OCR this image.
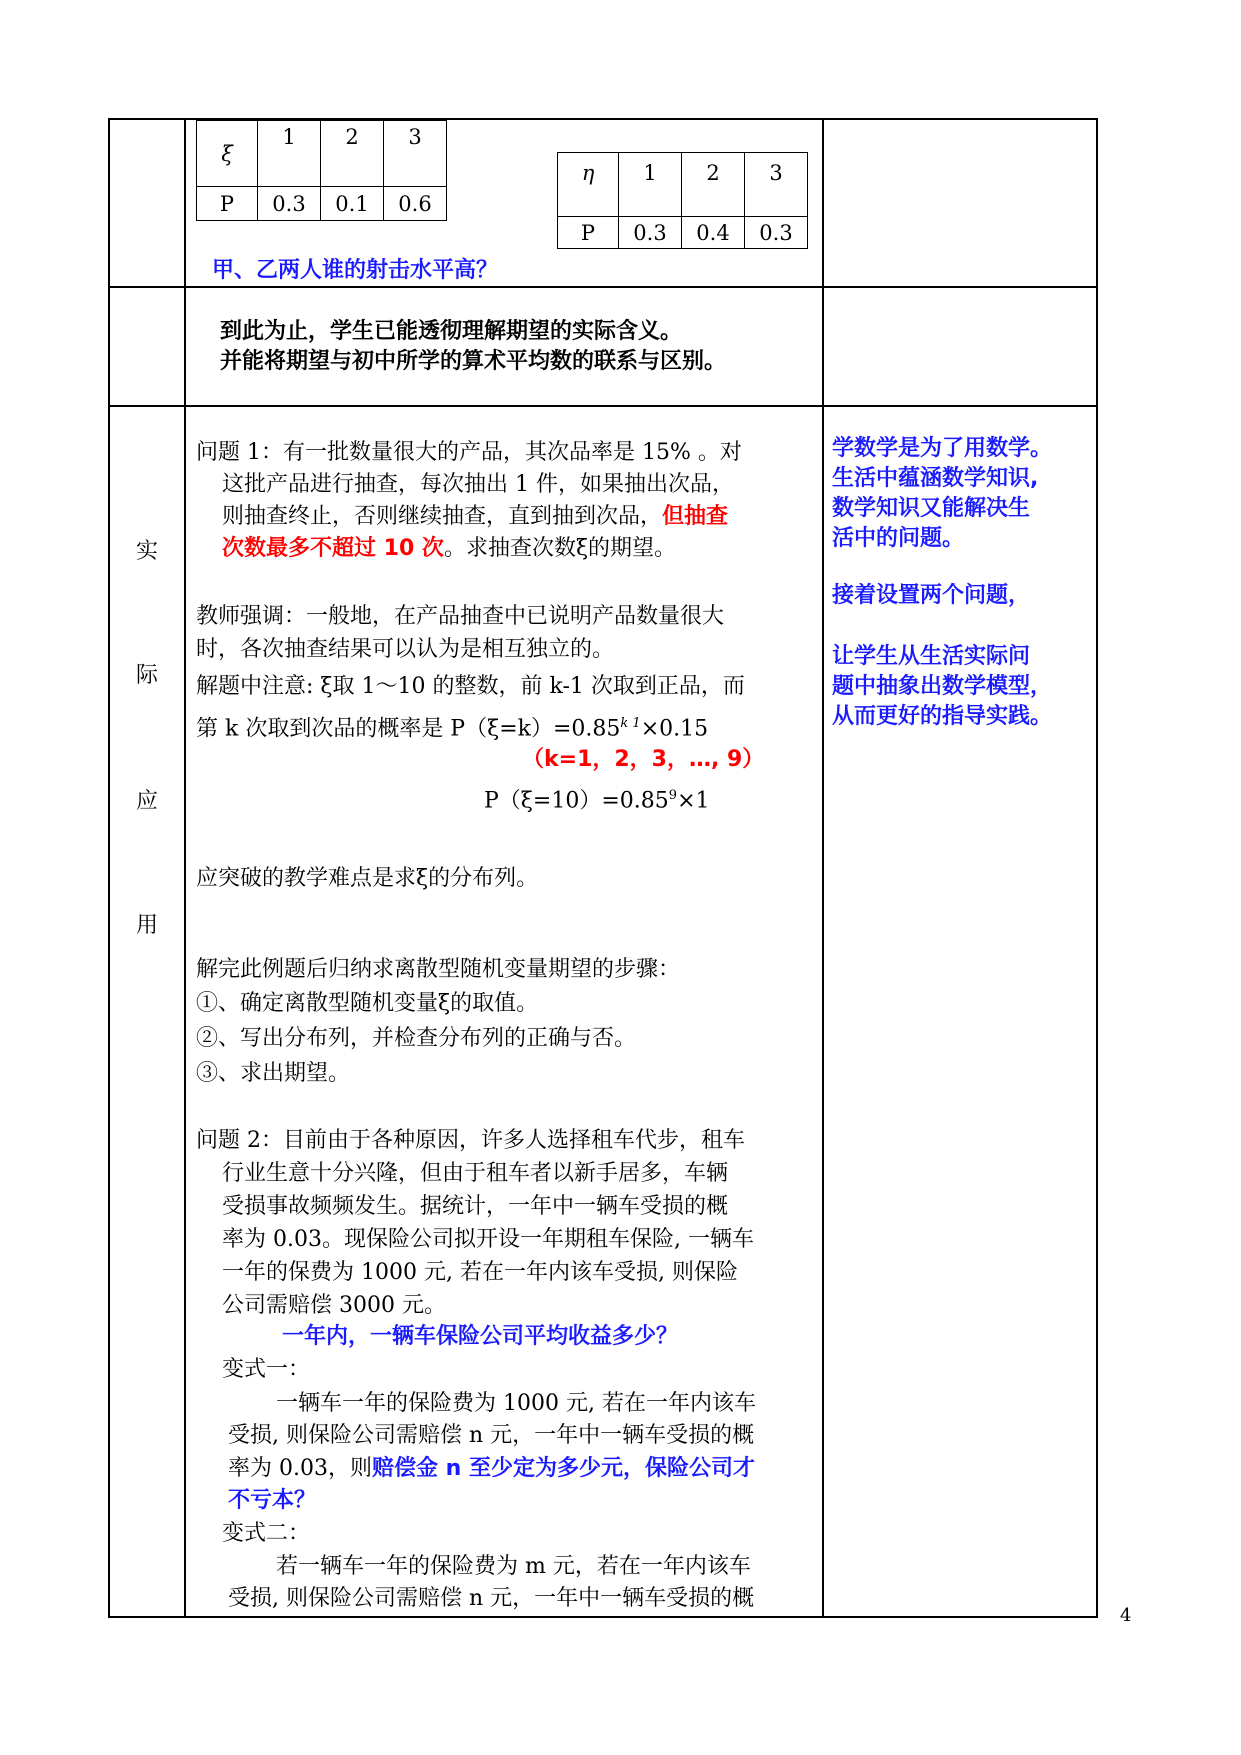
ξ	1	2	3
P	0.3	0.1	0.6
η	1	2	3
P	0.3	0.4	0.3
甲、乙两人谁的射击水平高？
到此为止，学生已能透彻理解期望的实际含义。
并能将期望与初中所学的算术平均数的联系与区别。
实
际
应
用
问题 1：有一批数量很大的产品，其次品率是 15% 。对
这批产品进行抽查，每次抽出 1 件，如果抽出次品，
则抽查终止，否则继续抽查，直到抽到次品，但抽查
次数最多不超过 10 次。求抽查次数ξ的期望。
教师强调：一般地，在产品抽查中已说明产品数量很大
时，各次抽查结果可以认为是相互独立的。
解题中注意: ξ取 1～10 的整数，前 k-1 次取到正品，而
第 k 次取到次品的概率是 $P(\xi=k)=0.85^{k 1}\times 0.15$
（k=1，2，3，…, 9）
$P(\xi=10)=0.85^9\times 1$
应突破的教学难点是求ξ的分布列。
解完此例题后归纳求离散型随机变量期望的步骤：
①、确定离散型随机变量ξ的取值。
②、写出分布列，并检查分布列的正确与否。
③、求出期望。
问题 2：目前由于各种原因，许多人选择租车代步，租车
行业生意十分兴隆，但由于租车者以新手居多，车辆
受损事故频频发生。据统计，一年中一辆车受损的概
率为 0.03。现保险公司拟开设一年期租车保险, 一辆车
一年的保费为 1000 元, 若在一年内该车受损, 则保险
公司需赔偿 3000 元。
一年内，一辆车保险公司平均收益多少？
变式一：
一辆车一年的保险费为 1000 元, 若在一年内该车
受损, 则保险公司需赔偿 n 元，一年中一辆车受损的概
率为 0.03，则赔偿金 n 至少定为多少元，保险公司才
不亏本？
变式二：
若一辆车一年的保险费为 m 元，若在一年内该车
受损, 则保险公司需赔偿 n 元，一年中一辆车受损的概
学数学是为了用数学。
生活中蕴涵数学知识,
数学知识又能解决生
活中的问题。
接着设置两个问题，
让学生从生活实际问
题中抽象出数学模型，
从而更好的指导实践。
4
